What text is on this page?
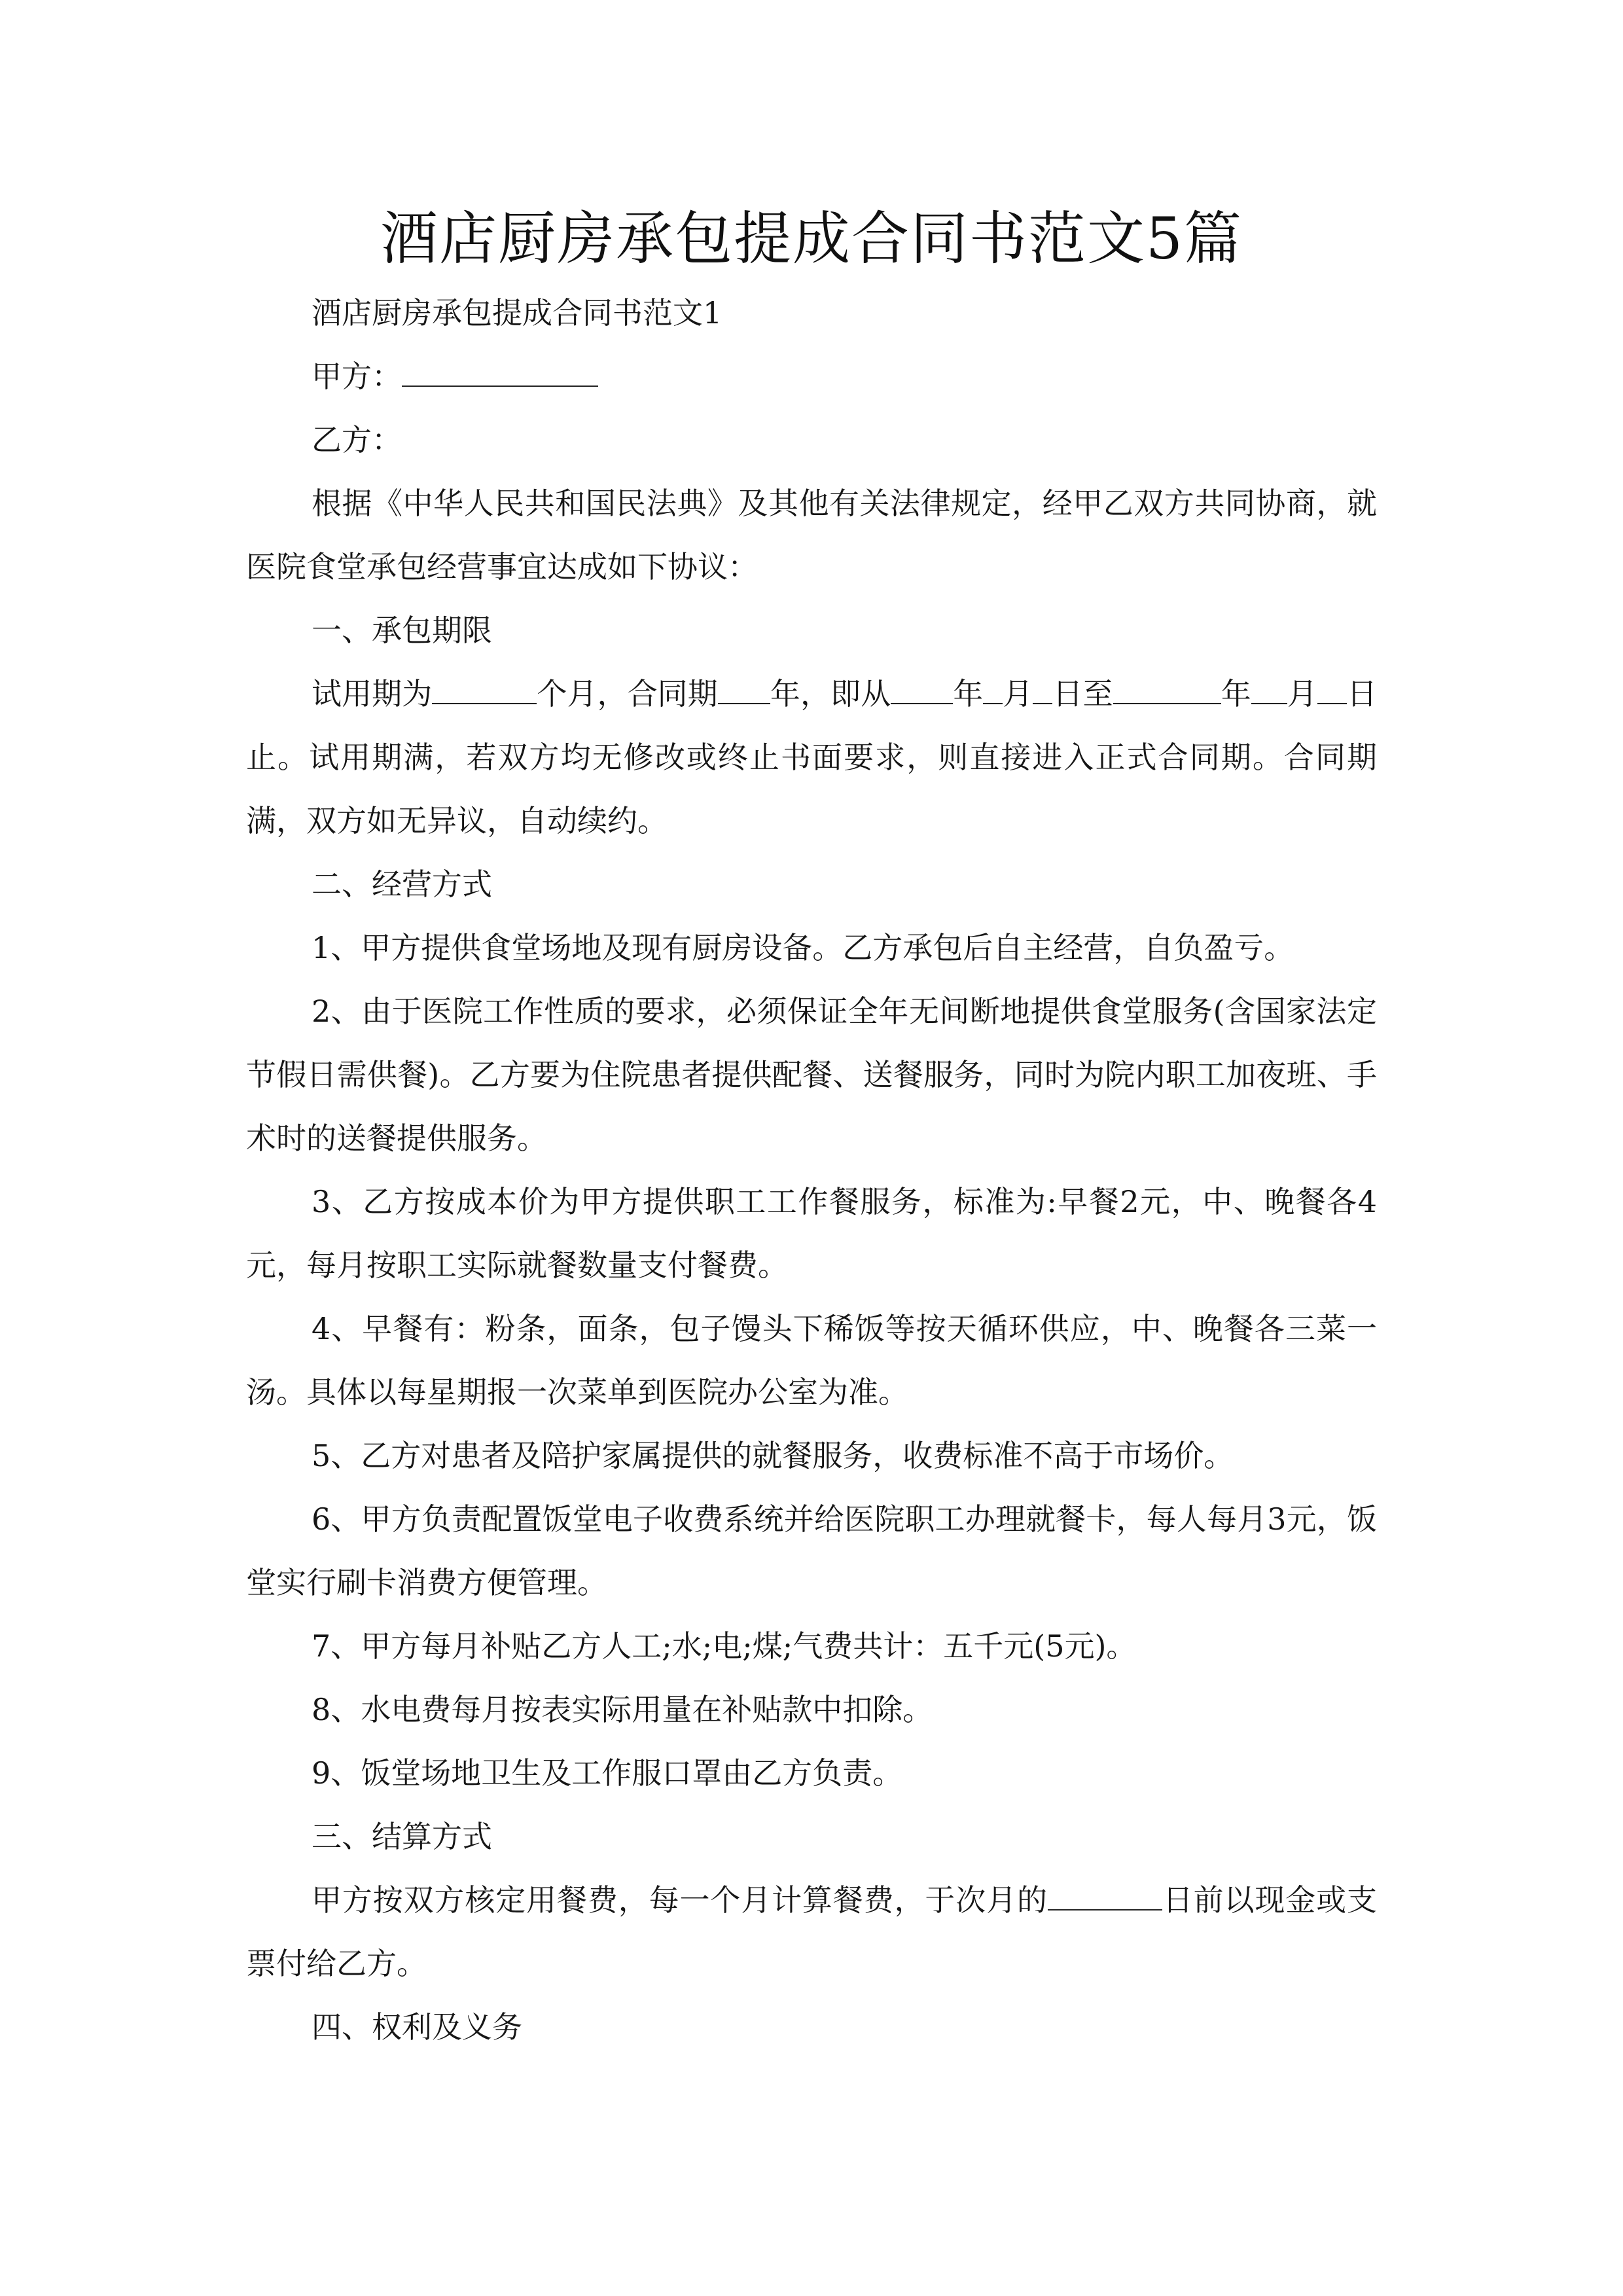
酒店厨房承包提成合同书范文5篇

酒店厨房承包提成合同书范文1

甲方：

乙方：

根据《中华人民共和国民法典》及其他有关法律规定，经甲乙双方共同协商，就医院食堂承包经营事宜达成如下协议：

一、承包期限

试用期为	个月，合同期 年，即从 年 月 日至	年 月 日止。试用期满，若双方均无修改或终止书面要求，则直接进入正式合同期。合同期满，双方如无异议，自动续约。

二、经营方式

1、甲方提供食堂场地及现有厨房设备。乙方承包后自主经营，自负盈亏。

2、由于医院工作性质的要求，必须保证全年无间断地提供食堂服务(含国家法定节假日需供餐)。乙方要为住院患者提供配餐、送餐服务，同时为院内职工加夜班、手术时的送餐提供服务。

3、乙方按成本价为甲方提供职工工作餐服务，标准为:早餐2元，中、晚餐各4元，每月按职工实际就餐数量支付餐费。

4、早餐有：粉条，面条，包子馒头下稀饭等按天循环供应，中、晚餐各三菜一汤。具体以每星期报一次菜单到医院办公室为准。

5、乙方对患者及陪护家属提供的就餐服务，收费标准不高于市场价。

6、甲方负责配置饭堂电子收费系统并给医院职工办理就餐卡，每人每月3元，饭堂实行刷卡消费方便管理。

7、甲方每月补贴乙方人工;水;电;煤;气费共计：五千元(5元)。

8、水电费每月按表实际用量在补贴款中扣除。

9、饭堂场地卫生及工作服口罩由乙方负责。

三、结算方式

甲方按双方核定用餐费，每一个月计算餐费，于次月的	日前以现金或支票付给乙方。

四、权利及义务
